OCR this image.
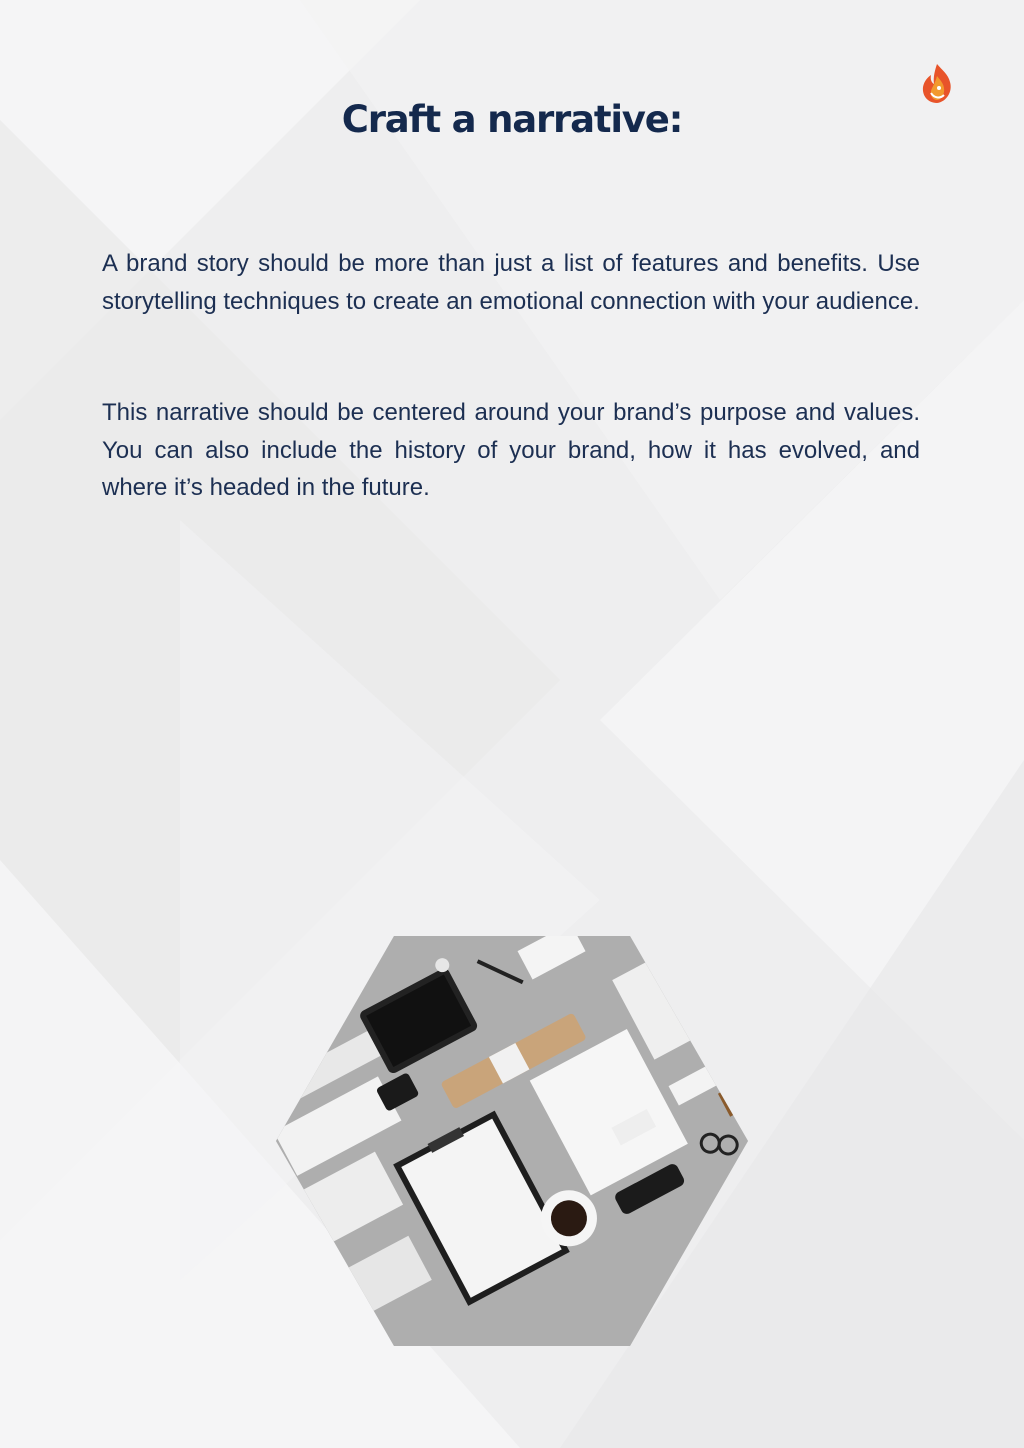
Craft a narrative:

A brand story should be more than just a list of features and benefits. Use storytelling techniques to create an emotional connection with your audience.

This narrative should be centered around your brand’s purpose and values. You can also include the history of your brand, how it has evolved, and where it’s headed in the future.
